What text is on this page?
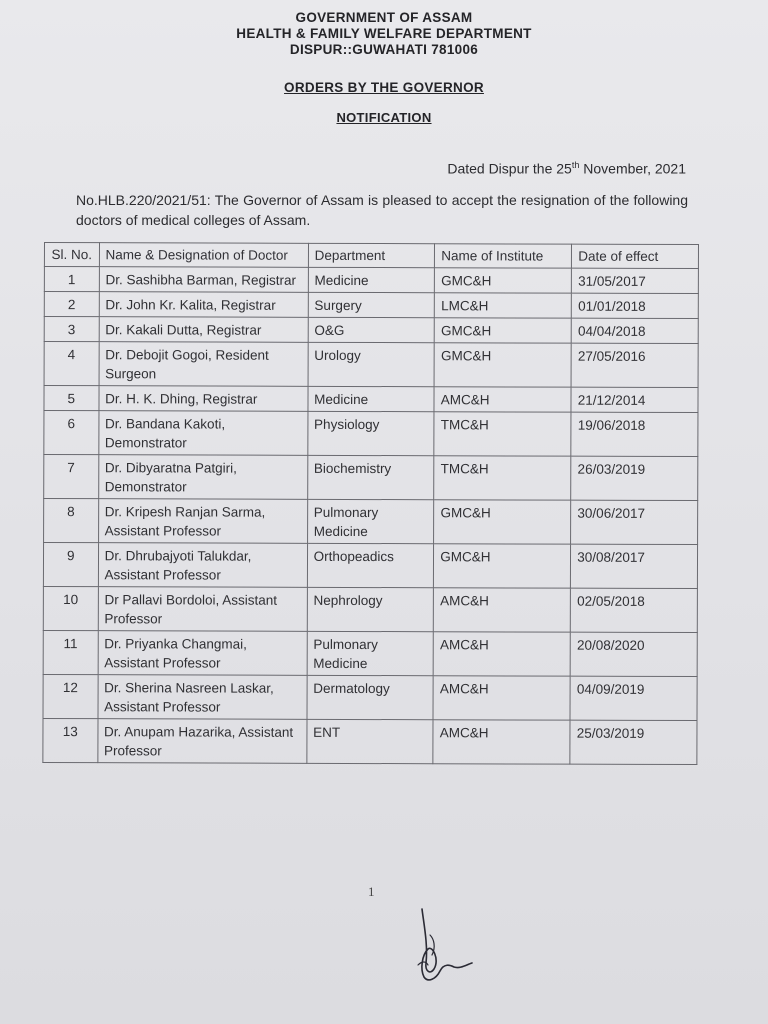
GOVERNMENT OF ASSAM
HEALTH & FAMILY WELFARE DEPARTMENT
DISPUR::GUWAHATI 781006
ORDERS BY THE GOVERNOR
NOTIFICATION
Dated Dispur the 25th November, 2021
No.HLB.220/2021/51: The Governor of Assam is pleased to accept the resignation of the following doctors of medical colleges of Assam.
Sl. No.	Name & Designation of Doctor	Department	Name of Institute	Date of effect
1	Dr. Sashibha Barman, Registrar	Medicine	GMC&H	31/05/2017
2	Dr. John Kr. Kalita, Registrar	Surgery	LMC&H	01/01/2018
3	Dr. Kakali Dutta, Registrar	O&G	GMC&H	04/04/2018
4	Dr. Debojit Gogoi, Resident Surgeon	Urology	GMC&H	27/05/2016
5	Dr. H. K. Dhing, Registrar	Medicine	AMC&H	21/12/2014
6	Dr. Bandana Kakoti, Demonstrator	Physiology	TMC&H	19/06/2018
7	Dr. Dibyaratna Patgiri, Demonstrator	Biochemistry	TMC&H	26/03/2019
8	Dr. Kripesh Ranjan Sarma, Assistant Professor	Pulmonary Medicine	GMC&H	30/06/2017
9	Dr. Dhrubajyoti Talukdar, Assistant Professor	Orthopeadics	GMC&H	30/08/2017
10	Dr Pallavi Bordoloi, Assistant Professor	Nephrology	AMC&H	02/05/2018
11	Dr. Priyanka Changmai, Assistant Professor	Pulmonary Medicine	AMC&H	20/08/2020
12	Dr. Sherina Nasreen Laskar, Assistant Professor	Dermatology	AMC&H	04/09/2019
13	Dr. Anupam Hazarika, Assistant Professor	ENT	AMC&H	25/03/2019
1
